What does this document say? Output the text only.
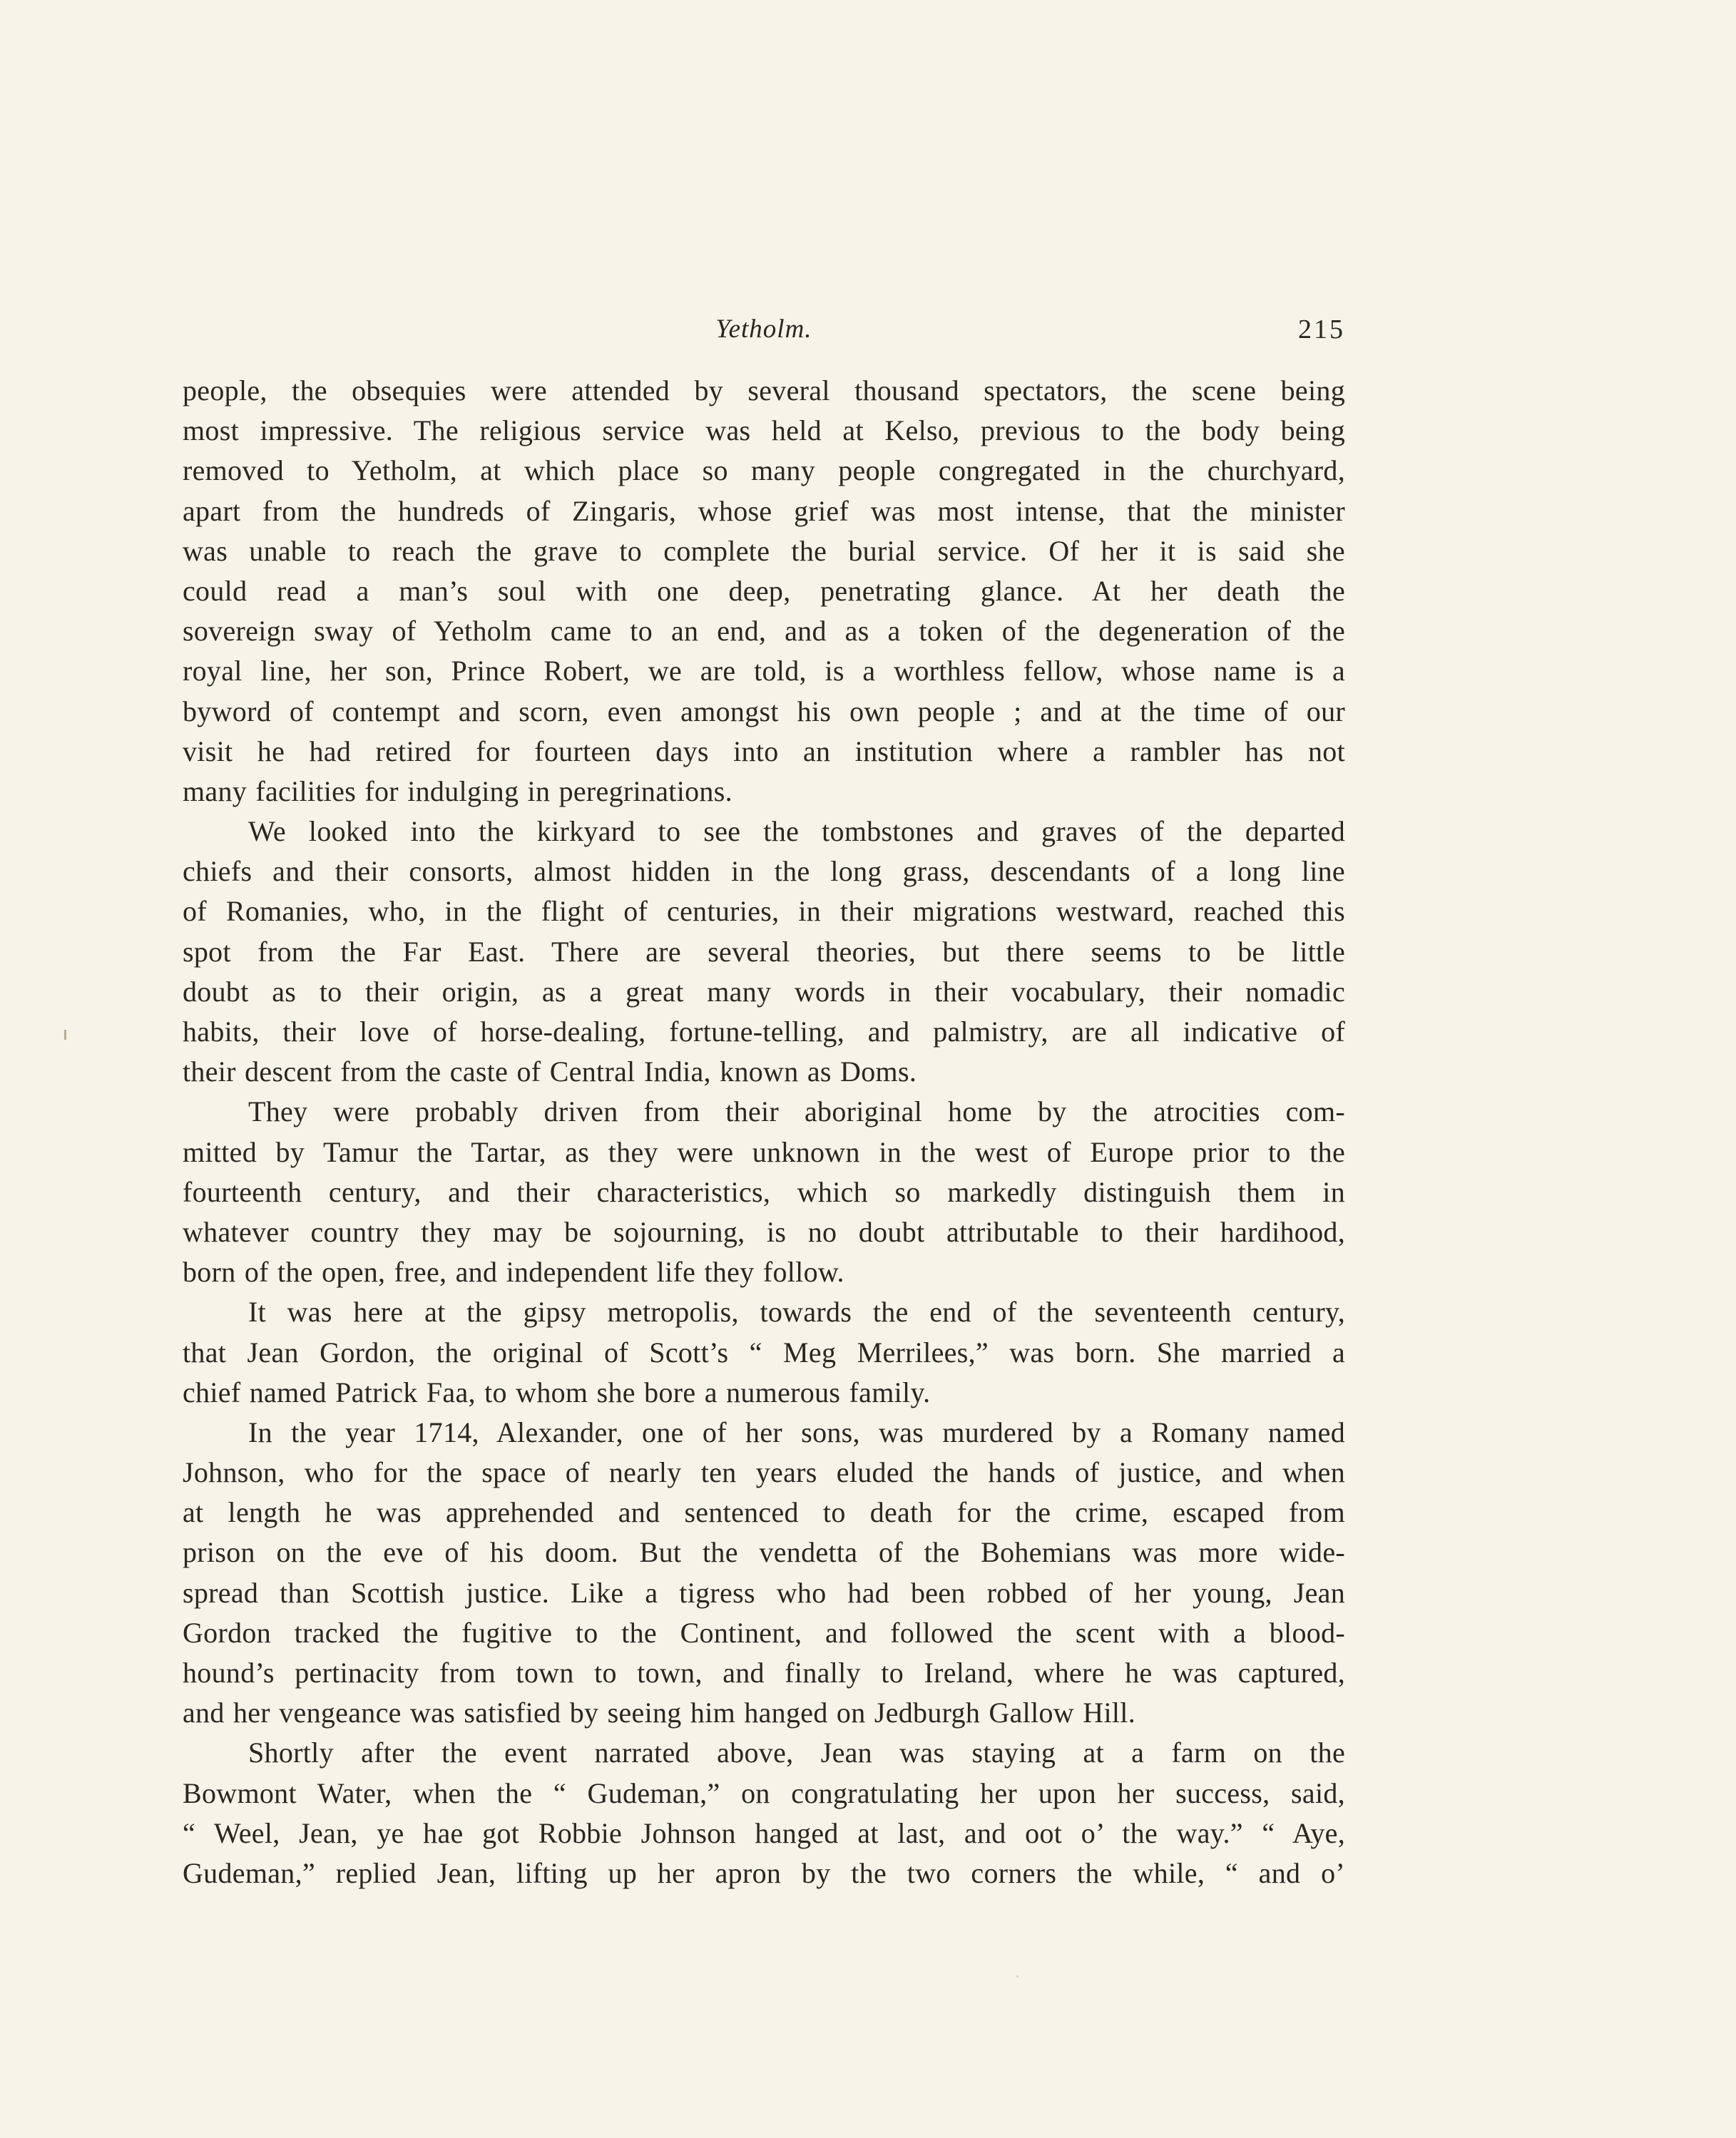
Yetholm.	215
people, the obsequies were attended by several thousand spectators, the scene being
most impressive. The religious service was held at Kelso, previous to the body being
removed to Yetholm, at which place so many people congregated in the churchyard,
apart from the hundreds of Zingaris, whose grief was most intense, that the minister
was unable to reach the grave to complete the burial service. Of her it is said she
could read a man’s soul with one deep, penetrating glance. At her death the
sovereign sway of Yetholm came to an end, and as a token of the degeneration of the
royal line, her son, Prince Robert, we are told, is a worthless fellow, whose name is a
byword of contempt and scorn, even amongst his own people ; and at the time of our
visit he had retired for fourteen days into an institution where a rambler has not
many facilities for indulging in peregrinations.
We looked into the kirkyard to see the tombstones and graves of the departed
chiefs and their consorts, almost hidden in the long grass, descendants of a long line
of Romanies, who, in the flight of centuries, in their migrations westward, reached this
spot from the Far East. There are several theories, but there seems to be little
doubt as to their origin, as a great many words in their vocabulary, their nomadic
habits, their love of horse-dealing, fortune-telling, and palmistry, are all indicative of
their descent from the caste of Central India, known as Doms.
They were probably driven from their aboriginal home by the atrocities com-
mitted by Tamur the Tartar, as they were unknown in the west of Europe prior to the
fourteenth century, and their characteristics, which so markedly distinguish them in
whatever country they may be sojourning, is no doubt attributable to their hardihood,
born of the open, free, and independent life they follow.
It was here at the gipsy metropolis, towards the end of the seventeenth century,
that Jean Gordon, the original of Scott’s “ Meg Merrilees,” was born. She married a
chief named Patrick Faa, to whom she bore a numerous family.
In the year 1714, Alexander, one of her sons, was murdered by a Romany named
Johnson, who for the space of nearly ten years eluded the hands of justice, and when
at length he was apprehended and sentenced to death for the crime, escaped from
prison on the eve of his doom. But the vendetta of the Bohemians was more wide-
spread than Scottish justice. Like a tigress who had been robbed of her young, Jean
Gordon tracked the fugitive to the Continent, and followed the scent with a blood-
hound’s pertinacity from town to town, and finally to Ireland, where he was captured,
and her vengeance was satisfied by seeing him hanged on Jedburgh Gallow Hill.
Shortly after the event narrated above, Jean was staying at a farm on the
Bowmont Water, when the “ Gudeman,” on congratulating her upon her success, said,
“ Weel, Jean, ye hae got Robbie Johnson hanged at last, and oot o’ the way.” “ Aye,
Gudeman,” replied Jean, lifting up her apron by the two corners the while, “ and o’
